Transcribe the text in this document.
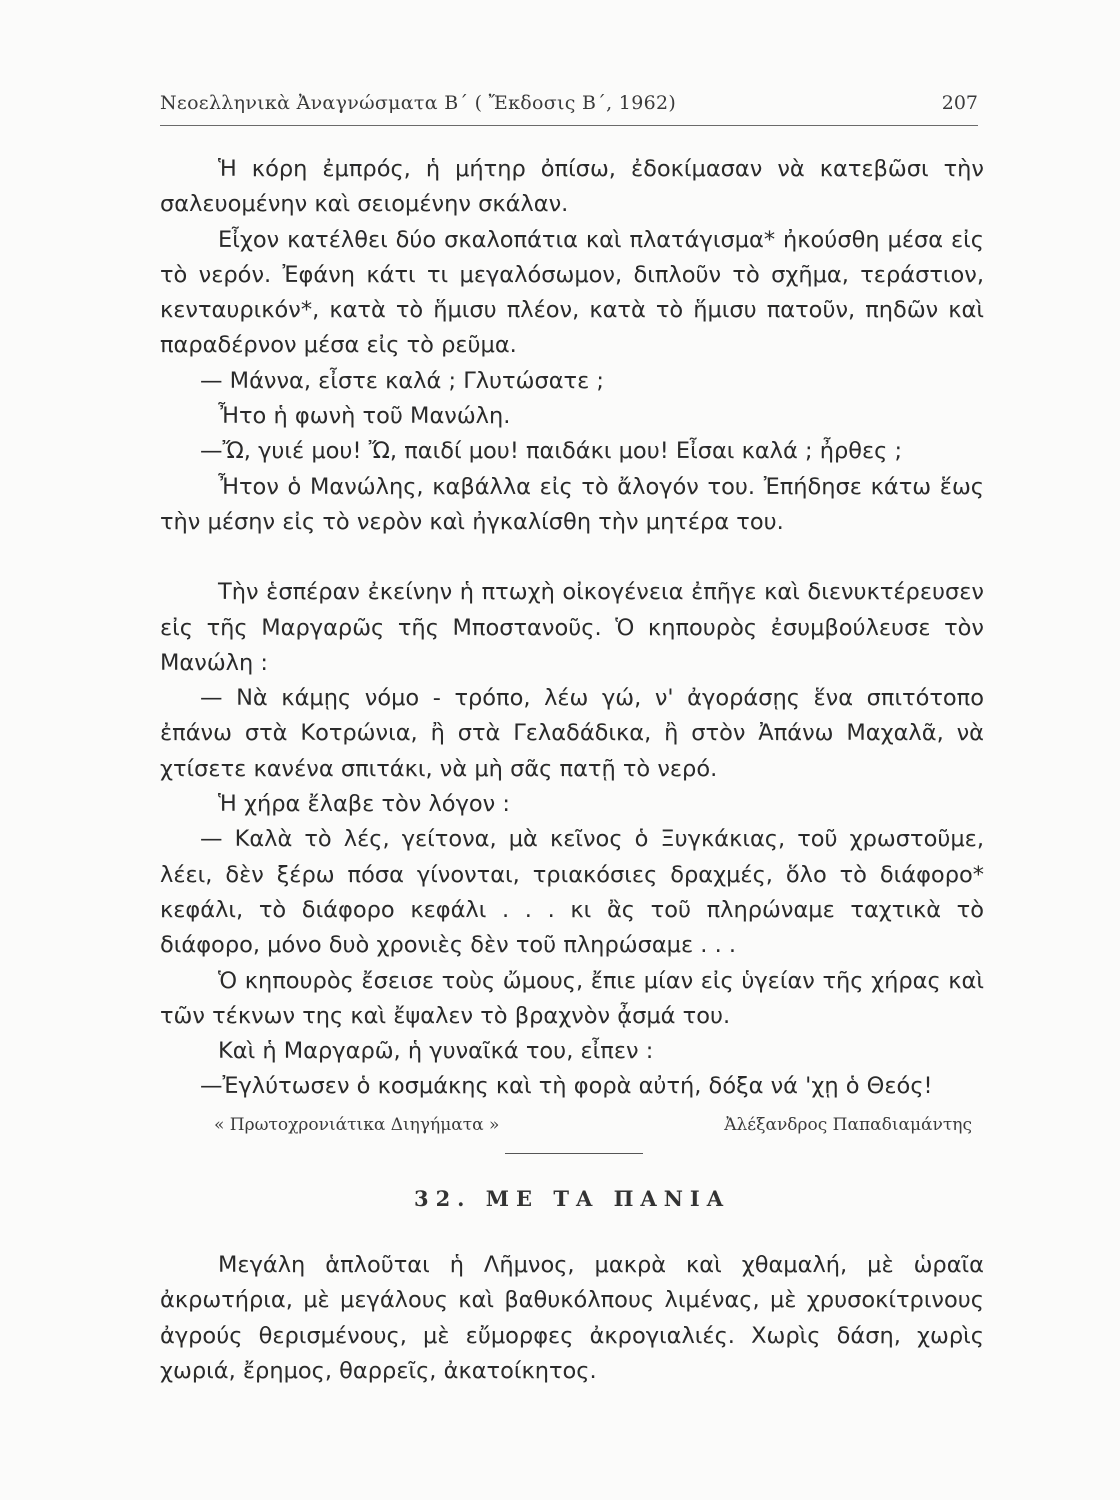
Νεοελληνικὰ Ἀναγνώσματα Β΄ ( Ἔκδοσις Β΄, 1962)	207

Ἡ κόρη ἐμπρός, ἡ μήτηρ ὀπίσω, ἐδοκίμασαν νὰ κατεβῶσι τὴν σαλευομένην καὶ σειομένην σκάλαν.

Εἶχον κατέλθει δύο σκαλοπάτια καὶ πλατάγισμα* ἠκούσθη μέσα εἰς τὸ νερόν. Ἐφάνη κάτι τι μεγαλόσωμον, διπλοῦν τὸ σχῆμα, τεράστιον, κενταυρικόν*, κατὰ τὸ ἥμισυ πλέον, κατὰ τὸ ἥμισυ πατοῦν, πηδῶν καὶ παραδέρνον μέσα εἰς τὸ ρεῦμα.

— Μάννα, εἶστε καλά ; Γλυτώσατε ;

Ἦτο ἡ φωνὴ τοῦ Μανώλη.

—Ὤ, γυιέ μου! Ὤ, παιδί μου! παιδάκι μου! Εἶσαι καλά ; ἦρθες ;

Ἦτον ὁ Μανώλης, καβάλλα εἰς τὸ ἄλογόν του. Ἐπήδησε κάτω ἕως τὴν μέσην εἰς τὸ νερὸν καὶ ἠγκαλίσθη τὴν μητέρα του.

Τὴν ἑσπέραν ἐκείνην ἡ πτωχὴ οἰκογένεια ἐπῆγε καὶ διενυκτέρευσεν εἰς τῆς Μαργαρῶς τῆς Μποστανοῦς. Ὁ κηπουρὸς ἐσυμβούλευσε τὸν Μανώλη :

— Νὰ κάμῃς νόμο - τρόπο, λέω γώ, ν' ἀγοράσῃς ἕνα σπιτότοπο ἐπάνω στὰ Κοτρώνια, ἢ στὰ Γελαδάδικα, ἢ στὸν Ἀπάνω Μαχαλᾶ, νὰ χτίσετε κανένα σπιτάκι, νὰ μὴ σᾶς πατῇ τὸ νερό.

Ἡ χήρα ἔλαβε τὸν λόγον :

— Καλὰ τὸ λές, γείτονα, μὰ κεῖνος ὁ Ξυγκάκιας, τοῦ χρωστοῦμε, λέει, δὲν ξέρω πόσα γίνονται, τριακόσιες δραχμές, ὅλο τὸ διάφορο* κεφάλι, τὸ διάφορο κεφάλι . . . κι ἂς τοῦ πληρώναμε ταχτικὰ τὸ διάφορο, μόνο δυὸ χρονιὲς δὲν τοῦ πληρώσαμε . . .

Ὁ κηπουρὸς ἔσεισε τοὺς ὤμους, ἔπιε μίαν εἰς ὑγείαν τῆς χήρας καὶ τῶν τέκνων της καὶ ἔψαλεν τὸ βραχνὸν ᾆσμά του.

Καὶ ἡ Μαργαρῶ, ἡ γυναῖκά του, εἶπεν :

—Ἐγλύτωσεν ὁ κοσμάκης καὶ τὴ φορὰ αὐτή, δόξα νά 'χῃ ὁ Θεός!

« Πρωτοχρονιάτικα Διηγήματα »	Ἀλέξανδρος Παπαδιαμάντης
32. ΜΕ ΤΑ ΠΑΝΙΑ

Μεγάλη ἁπλοῦται ἡ Λῆμνος, μακρὰ καὶ χθαμαλή, μὲ ὡραῖα ἀκρωτήρια, μὲ μεγάλους καὶ βαθυκόλπους λιμένας, μὲ χρυσοκίτρινους ἀγρούς θερισμένους, μὲ εὔμορφες ἀκρογιαλιές. Χωρὶς δάση, χωρὶς χωριά, ἔρημος, θαρρεῖς, ἀκατοίκητος.
